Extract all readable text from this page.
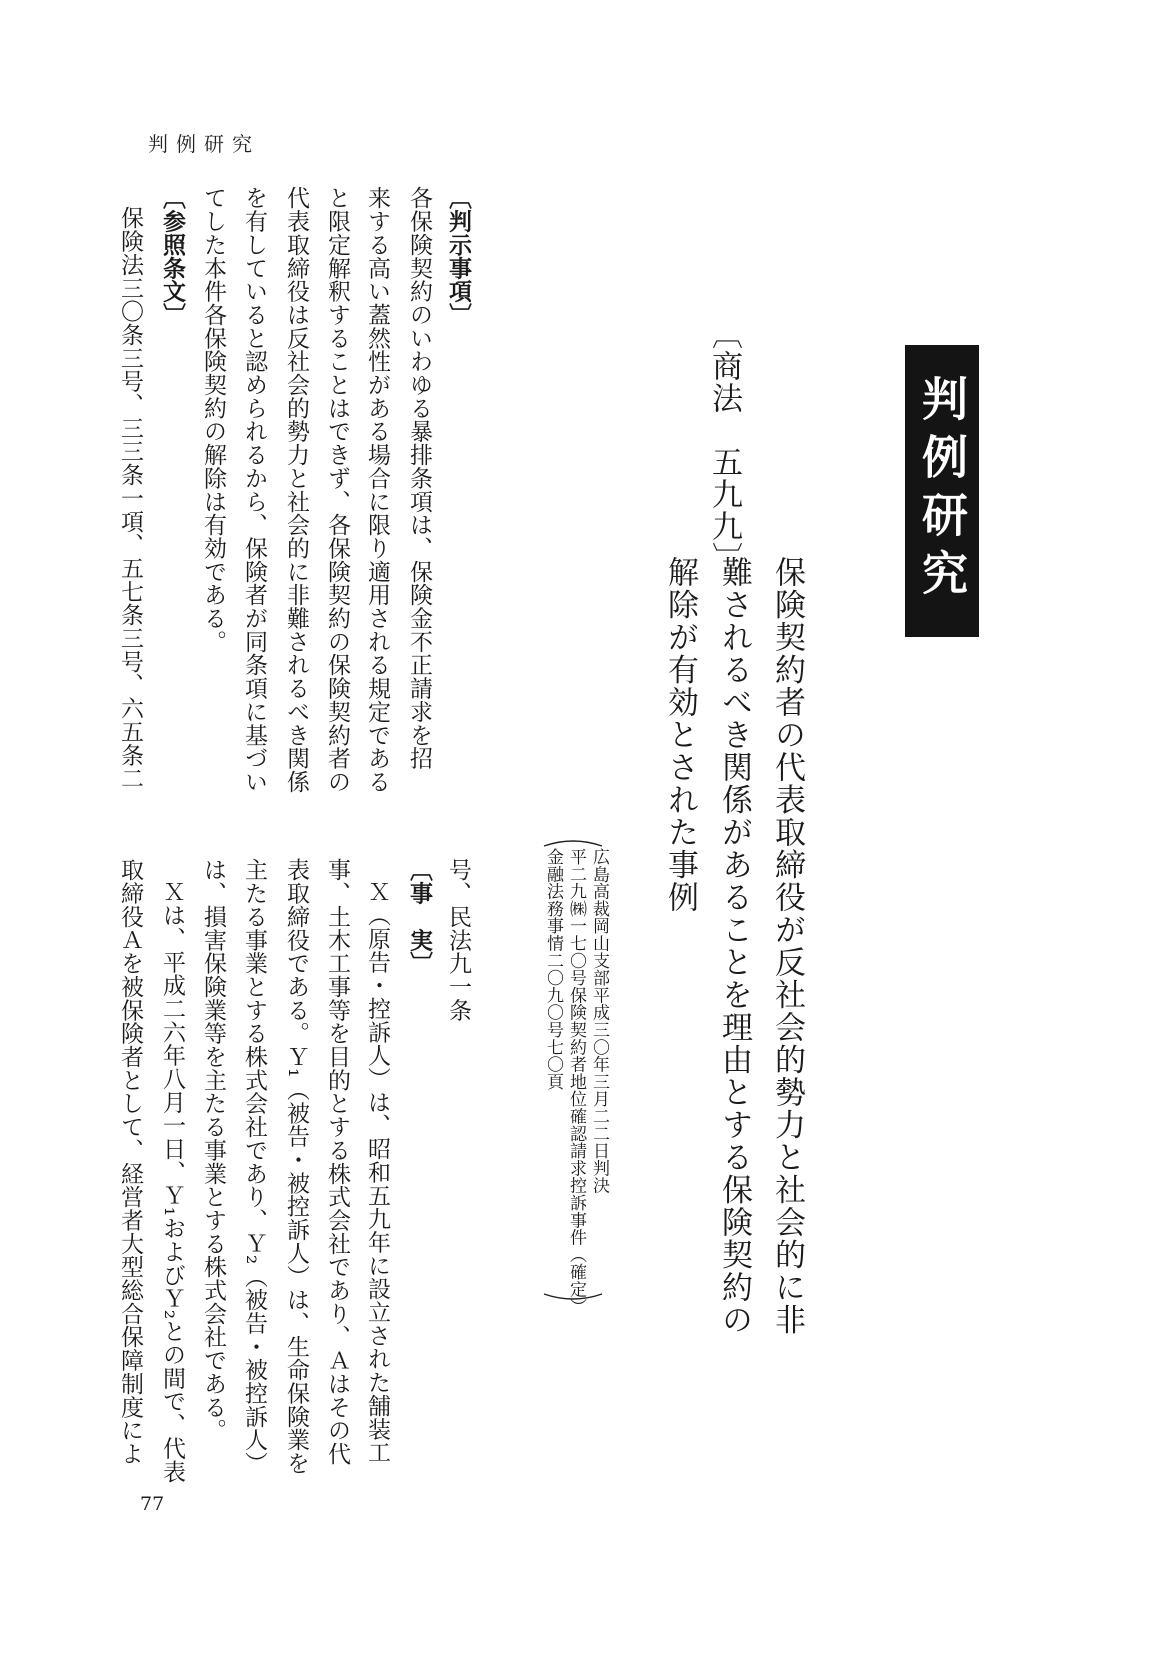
判例研究
判例研究
〔商法　五九九〕
保険契約者の代表取締役が反社会的勢力と社会的に非
難されるべき関係があることを理由とする保険契約の
解除が有効とされた事例
広島高裁岡山支部平成三〇年三月二二日判決
平二九㈱一七〇号保険契約者地位確認請求控訴事件（確定）
金融法務事情二〇九〇号七〇頁
〔判示事項〕
各保険契約のいわゆる暴排条項は、保険金不正請求を招
来する高い蓋然性がある場合に限り適用される規定である
と限定解釈することはできず、各保険契約の保険契約者の
代表取締役は反社会的勢力と社会的に非難されるべき関係
を有していると認められるから、保険者が同条項に基づい
てした本件各保険契約の解除は有効である。
〔参照条文〕
保険法三〇条三号、三三条一項、五七条三号、六五条二
号、民法九一条
〔事　実〕
Ｘ（原告・控訴人）は、昭和五九年に設立された舗装工
事、土木工事等を目的とする株式会社であり、Ａはその代
表取締役である。Ｙ₁（被告・被控訴人）は、生命保険業を
主たる事業とする株式会社であり、Ｙ₂（被告・被控訴人）
は、損害保険業等を主たる事業とする株式会社である。
Ｘは、平成二六年八月一日、Ｙ₁およびＹ₂との間で、代表
取締役Ａを被保険者として、経営者大型総合保障制度によ
77
